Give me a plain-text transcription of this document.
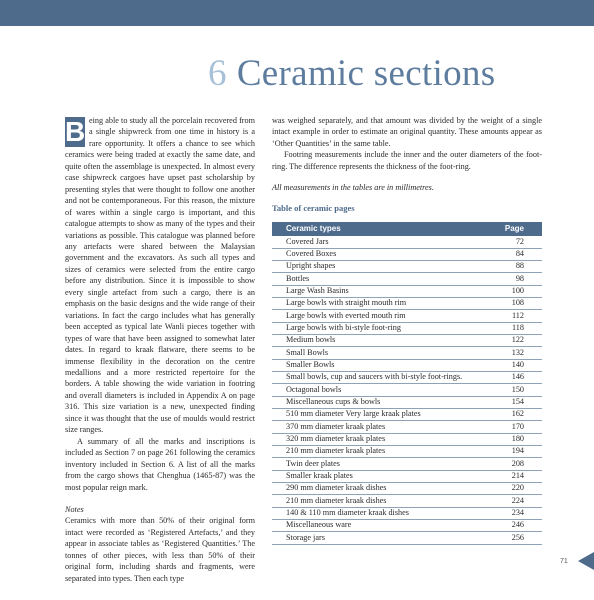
6 Ceramic sections

B eing able to study all the porcelain recovered from a single shipwreck from one time in history is a rare opportunity. It offers a chance to see which ceramics were being traded at exactly the same date, and quite often the assemblage is unexpected. In almost every case shipwreck cargoes have upset past scholarship by presenting styles that were thought to follow one another and not be contemporaneous. For this reason, the mixture of wares within a single cargo is important, and this catalogue attempts to show as many of the types and their variations as possible. This catalogue was planned before any artefacts were shared between the Malaysian government and the excavators. As such all types and sizes of ceramics were selected from the entire cargo before any distribution. Since it is impossible to show every single artefact from such a cargo, there is an emphasis on the basic designs and the wide range of their variations. In fact the cargo includes what has generally been accepted as typical late Wanli pieces together with types of ware that have been assigned to somewhat later dates. In regard to kraak flatware, there seems to be immense flexibility in the decoration on the centre medallions and a more restricted repertoire for the borders. A table showing the wide variation in footring and overall diameters is included in Appendix A on page 316. This size variation is a new, unexpected finding since it was thought that the use of moulds would restrict size ranges.

A summary of all the marks and inscriptions is included as Section 7 on page 261 following the ceramics inventory included in Section 6. A list of all the marks from the cargo shows that Chenghua (1465-87) was the most popular reign mark.

Notes

Ceramics with more than 50% of their original form intact were recorded as ‘Registered Artefacts,’ and they appear in associate tables as ‘Registered Quantities.’ The tonnes of other pieces, with less than 50% of their original form, including shards and fragments, were separated into types. Then each type

was weighed separately, and that amount was divided by the weight of a single intact example in order to estimate an original quantity. These amounts appear as ‘Other Quantities’ in the same table.

Footring measurements include the inner and the outer diameters of the foot-ring. The difference represents the thickness of the foot-ring.

All measurements in the tables are in millimetres.

Table of ceramic pages

Ceramic types	Page
Covered Jars	72
Covered Boxes	84
Upright shapes	88
Bottles	98
Large Wash Basins	100
Large bowls with straight mouth rim	108
Large bowls with everted mouth rim	112
Large bowls with bi-style foot-ring	118
Medium bowls	122
Small Bowls	132
Smaller Bowls	140
Small bowls, cup and saucers with bi-style foot-rings.	146
Octagonal bowls	150
Miscellaneous cups & bowls	154
510 mm diameter Very large kraak plates	162
370 mm diameter kraak plates	170
320 mm diameter kraak plates	180
210 mm diameter kraak plates	194
Twin deer plates	208
Smaller kraak plates	214
290 mm diameter kraak dishes	220
210 mm diameter kraak dishes	224
140 & 110 mm diameter kraak dishes	234
Miscellaneous ware	246
Storage jars	256
71
